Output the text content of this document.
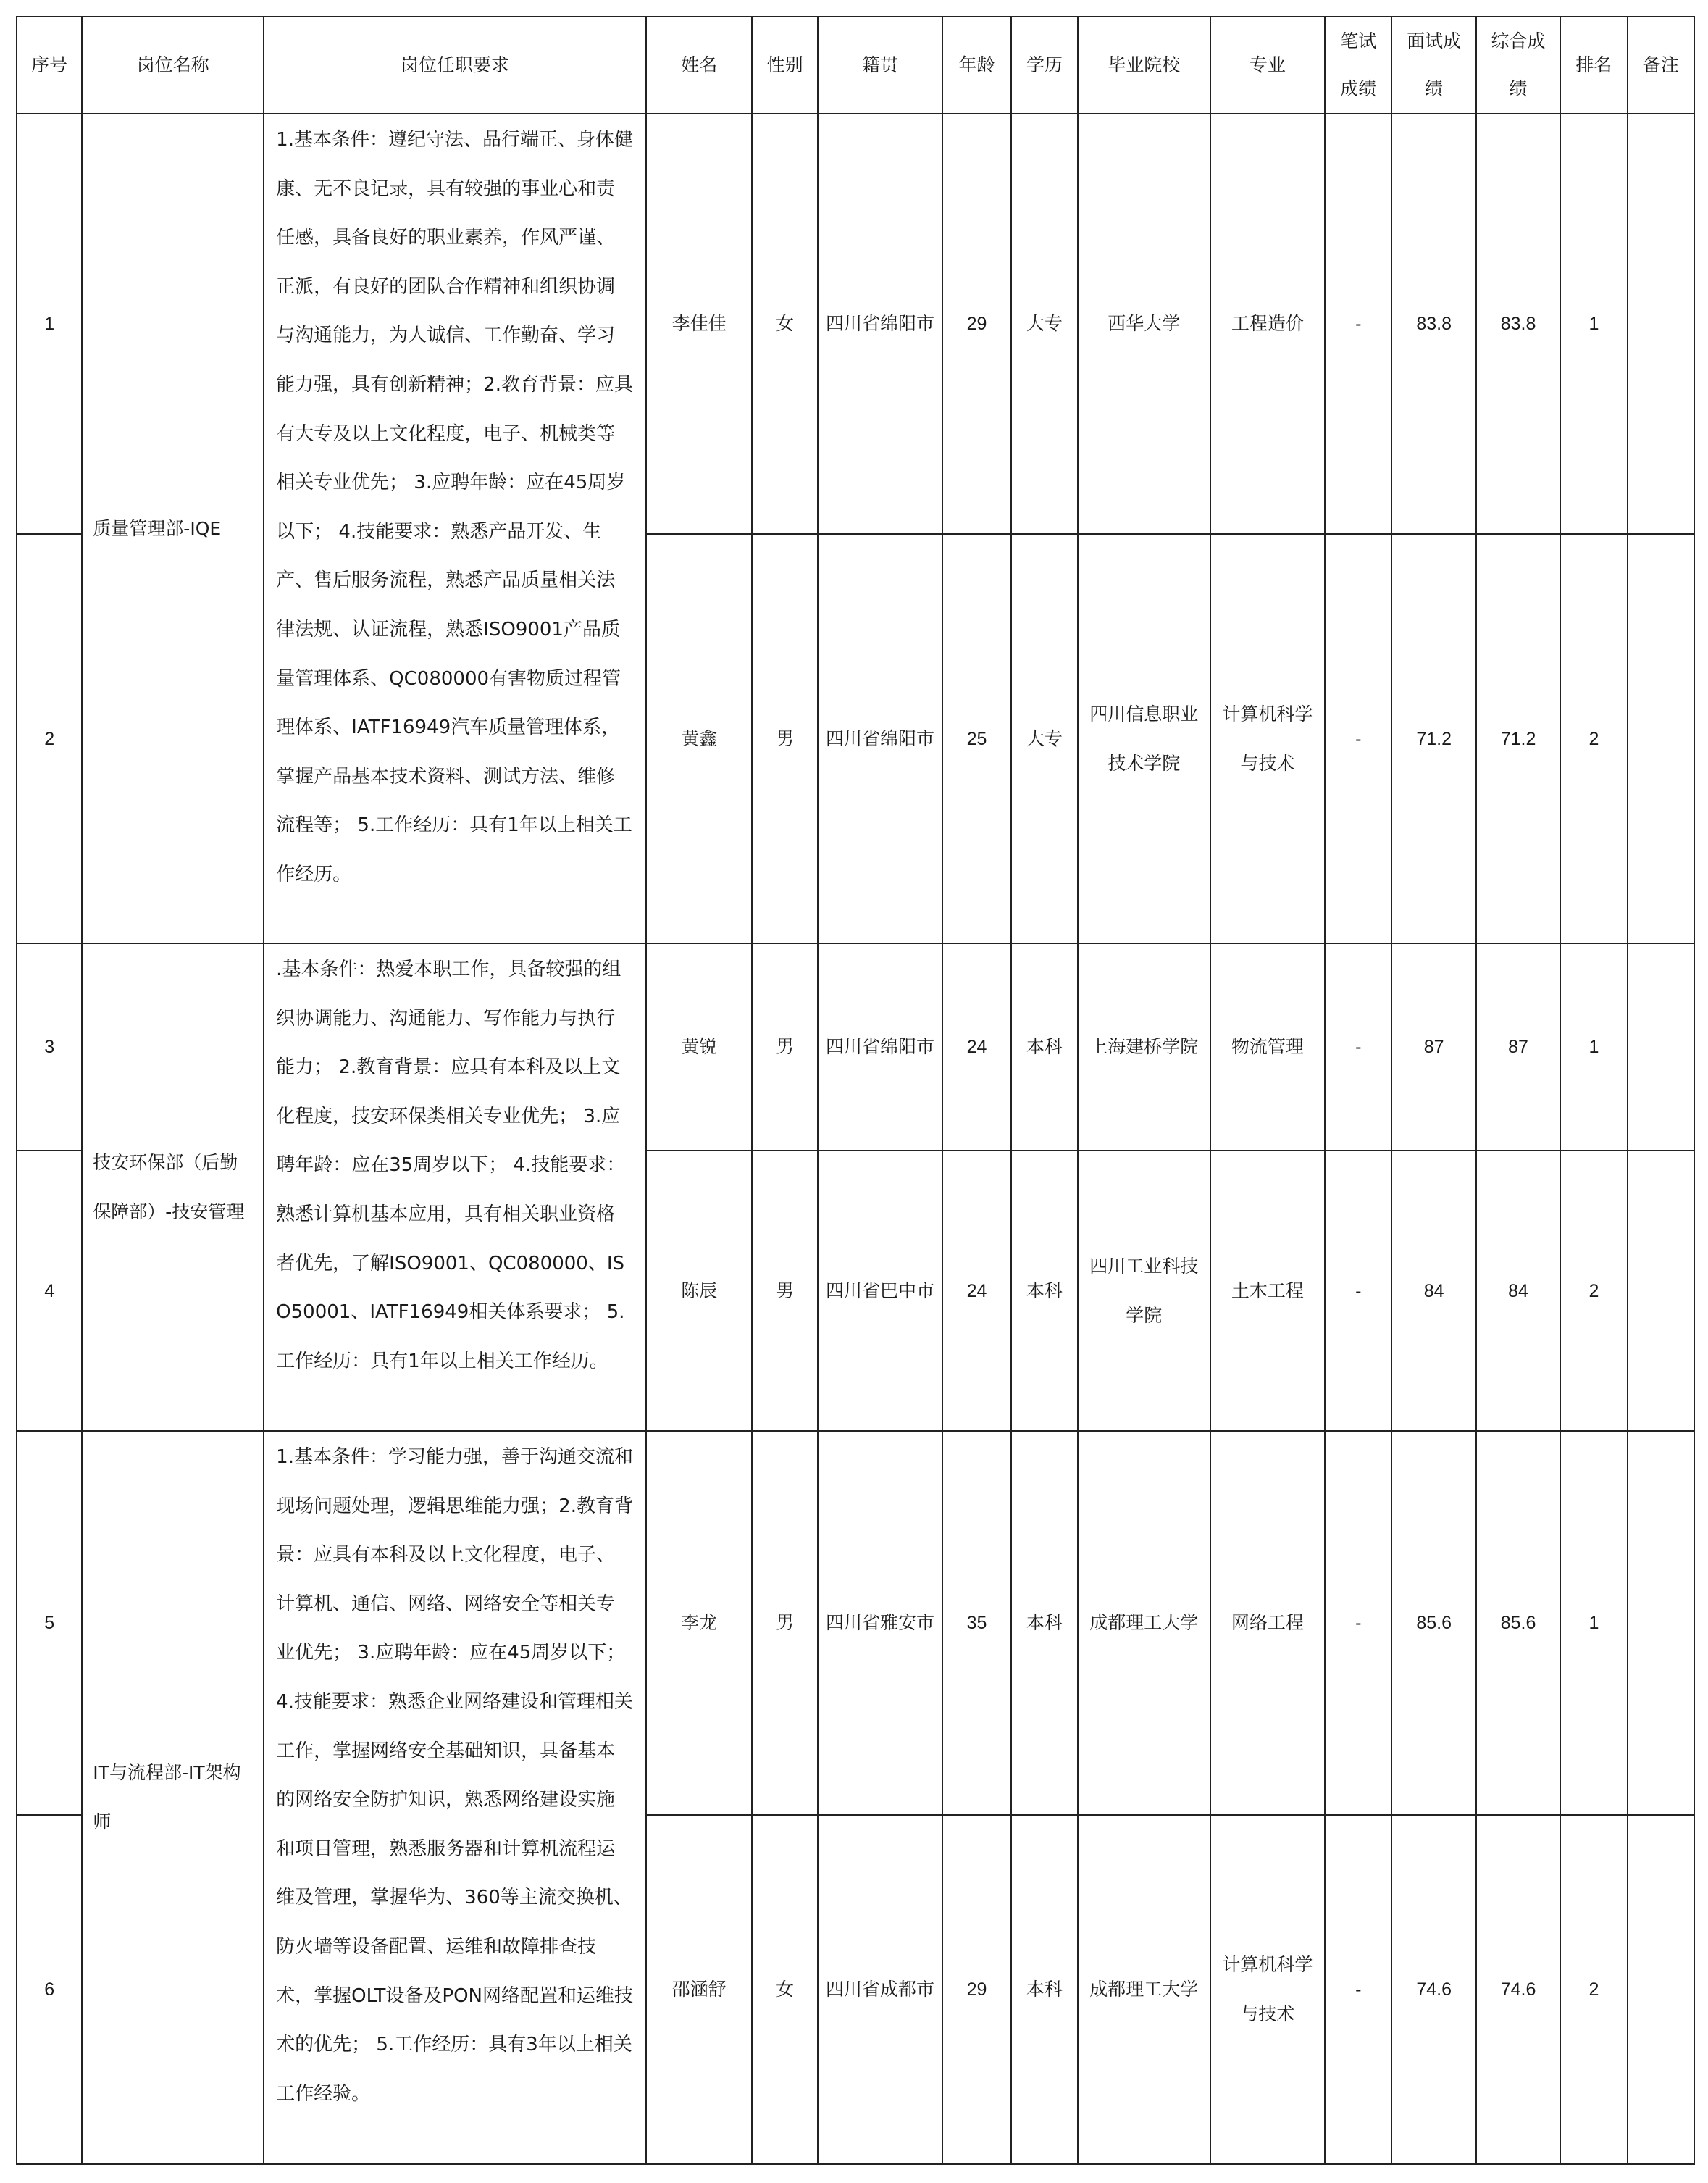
序号	岗位名称	岗位任职要求	姓名	性别	籍贯	年龄	学历	毕业院校	专业	笔试成绩	面试成绩	综合成绩	排名	备注
1	质量管理部-IQE	1.基本条件：遵纪守法、品行端正、身体健康、无不良记录，具有较强的事业心和责任感，具备良好的职业素养，作风严谨、正派，有良好的团队合作精神和组织协调与沟通能力，为人诚信、工作勤奋、学习能力强，具有创新精神；2.教育背景：应具有大专及以上文化程度，电子、机械类等相关专业优先； 3.应聘年龄：应在45周岁以下； 4.技能要求：熟悉产品开发、生产、售后服务流程，熟悉产品质量相关法律法规、认证流程，熟悉ISO9001产品质量管理体系、QC080000有害物质过程管理体系、IATF16949汽车质量管理体系，掌握产品基本技术资料、测试方法、维修流程等； 5.工作经历：具有1年以上相关工作经历。	李佳佳	女	四川省绵阳市	29	大专	西华大学	工程造价	-	83.8	83.8	1	
2			黄鑫	男	四川省绵阳市	25	大专	四川信息职业技术学院	计算机科学与技术	-	71.2	71.2	2	
3	技安环保部（后勤保障部）-技安管理	.基本条件：热爱本职工作，具备较强的组织协调能力、沟通能力、写作能力与执行能力； 2.教育背景：应具有本科及以上文化程度，技安环保类相关专业优先； 3.应聘年龄：应在35周岁以下； 4.技能要求：熟悉计算机基本应用，具有相关职业资格者优先，了解ISO9001、QC080000、ISO50001、IATF16949相关体系要求； 5.工作经历：具有1年以上相关工作经历。	黄锐	男	四川省绵阳市	24	本科	上海建桥学院	物流管理	-	87	87	1	
4			陈辰	男	四川省巴中市	24	本科	四川工业科技学院	土木工程	-	84	84	2	
5	IT与流程部-IT架构师	1.基本条件：学习能力强，善于沟通交流和现场问题处理，逻辑思维能力强；2.教育背景：应具有本科及以上文化程度，电子、计算机、通信、网络、网络安全等相关专业优先； 3.应聘年龄：应在45周岁以下； 4.技能要求：熟悉企业网络建设和管理相关工作，掌握网络安全基础知识，具备基本的网络安全防护知识，熟悉网络建设实施和项目管理，熟悉服务器和计算机流程运维及管理，掌握华为、360等主流交换机、防火墙等设备配置、运维和故障排查技术，掌握OLT设备及PON网络配置和运维技术的优先； 5.工作经历：具有3年以上相关工作经验。	李龙	男	四川省雅安市	35	本科	成都理工大学	网络工程	-	85.6	85.6	1	
6			邵涵舒	女	四川省成都市	29	本科	成都理工大学	计算机科学与技术	-	74.6	74.6	2	
